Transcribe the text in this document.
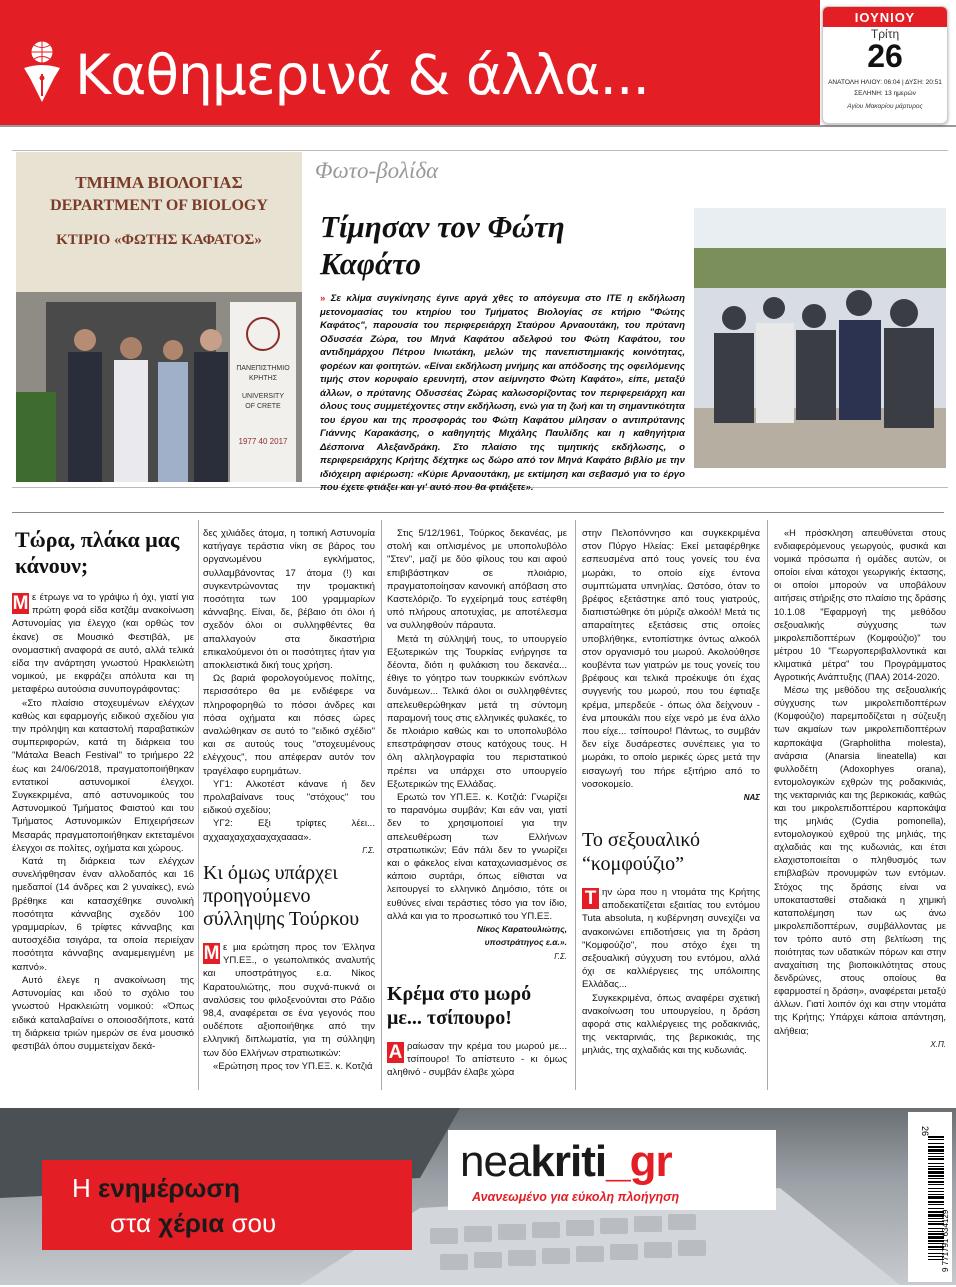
Καθημερινά & άλλα...
ΙΟΥΝΙΟΥ
Τρίτη
26
ΑΝΑΤΟΛΗ ΗΛΙΟΥ: 06:04 | ΔΥΣΗ: 20:51
ΣΕΛΗΝΗ: 13 ημερών
Αγίου Μακαρίου μάρτυρος
ΤΜΗΜΑ ΒΙΟΛΟΓΙΑΣ
DEPARTMENT OF BIOLOGY
ΚΤΙΡΙΟ «ΦΩΤΗΣ ΚΑΦΑΤΟΣ»
ΠΑΝΕΠΙΣΤΗΜΙΟ
ΚΡΗΤΗΣ
UNIVERSITY
OF CRETE
1977 40 2017
Φωτο-βολίδα
Τίμησαν τον Φώτη Καφάτο
» Σε κλίμα συγκίνησης έγινε αργά χθες το απόγευμα στο ΙΤΕ η εκδήλωση μετονομασίας του κτηρίου του Τμήματος Βιολογίας σε κτήριο "Φώτης Καφάτος", παρουσία του περιφερειάρχη Σταύρου Αρναουτάκη, του πρύτανη Οδυσσέα Ζώρα, του Μηνά Καφάτου αδελφού του Φώτη Καφάτου, του αντιδημάρχου Πέτρου Ινιωτάκη, μελών της πανεπιστημιακής κοινότητας, φορέων και φοιτητών. «Είναι εκδήλωση μνήμης και απόδοσης της οφειλόμενης τιμής στον κορυφαίο ερευνητή, στον αείμνηστο Φώτη Καφάτο», είπε, μεταξύ άλλων, ο πρύτανης Οδυσσέας Ζώρας καλωσορίζοντας τον περιφερειάρχη και όλους τους συμμετέχοντες στην εκδήλωση, ενώ για τη ζωή και τη σημαντικότητα του έργου και της προσφοράς του Φώτη Καφάτου μίλησαν ο αντιπρύτανης Γιάννης Καρακάσης, ο καθηγητής Μιχάλης Παυλίδης και η καθηγήτρια Δέσποινα Αλεξανδράκη. Στο πλαίσιο της τιμητικής εκδήλωσης, ο περιφερειάρχης Κρήτης δέχτηκε ως δώρο από τον Μηνά Καφάτο βιβλίο με την ιδιόχειρη αφιέρωση: «Κύριε Αρναουτάκη, με εκτίμηση και σεβασμό για το έργο που έχετε φτιάξει και γι' αυτό που θα φτιάξετε».
Τώρα, πλάκα μας κάνουν;
Μ ε έτρωγε να το γράψω ή όχι, γιατί για πρώτη φορά είδα κοτζάμ ανακοίνωση Αστυνομίας για έλεγχο (και ορθώς τον έκανε) σε Μουσικό Φεστιβάλ, με ονομαστική αναφορά σε αυτό, αλλά τελικά είδα την ανάρτηση γνωστού Ηρακλειώτη νομικού, με εκφράζει απόλυτα και τη μεταφέρω αυτούσια συνυπογράφοντας:

«Στο πλαίσιο στοχευμένων ελέγχων καθώς και εφαρμογής ειδικού σχεδίου για την πρόληψη και καταστολή παραβατικών συμπεριφορών, κατά τη διάρκεια του "Μάταλα Beach Festival" το τριήμερο 22 έως και 24/06/2018, πραγματοποιήθηκαν εντατικοί αστυνομικοί έλεγχοι. Συγκεκριμένα, από αστυνομικούς του Αστυνομικού Τμήματος Φαιστού και του Τμήματος Αστυνομικών Επιχειρήσεων Μεσαράς πραγματοποιήθηκαν εκτεταμένοι έλεγχοι σε πολίτες, οχήματα και χώρους.

Κατά τη διάρκεια των ελέγχων συνελήφθησαν έναν αλλοδαπός και 16 ημεδαποί (14 άνδρες και 2 γυναίκες), ενώ βρέθηκε και κατασχέθηκε συνολική ποσότητα κάνναβης σχεδόν 100 γραμμαρίων, 6 τρίφτες κάνναβης και αυτοσχέδια τσιγάρα, τα οποία περιείχαν ποσότητα κάνναβης αναμεμειγμένη με καπνό».

Αυτό έλεγε η ανακοίνωση της Αστυνομίας και ιδού το σχόλιο του γνωστού Ηρακλειώτη νομικού: «Όπως ειδικά καταλαβαίνει ο οποιοσδήποτε, κατά τη διάρκεια τριών ημερών σε ένα μουσικό φεστιβάλ όπου συμμετείχαν δεκά-

δες χιλιάδες άτομα, η τοπική Αστυνομία κατήγαγε τεράστια νίκη σε βάρος του οργανωμένου εγκλήματος, συλλαμβάνοντας 17 άτομα (!) και συγκεντρώνοντας την τρομακτική ποσότητα των 100 γραμμαρίων κάνναβης. Είναι, δε, βέβαιο ότι όλοι ή σχεδόν όλοι οι συλληφθέντες θα απαλλαγούν στα δικαστήρια επικαλούμενοι ότι οι ποσότητες ήταν για αποκλειστικά δική τους χρήση.

Ως βαριά φορολογούμενος πολίτης, περισσότερο θα με ενδιέφερε να πληροφορηθώ το πόσοι άνδρες και πόσα οχήματα και πόσες ώρες αναλώθηκαν σε αυτό το "ειδικό σχέδιο" και σε αυτούς τους "στοχευμένους ελέγχους", που απέφεραν αυτόν τον τραγέλαφο ευρημάτων.

ΥΓ1: Αλκοτέστ κάνανε ή δεν προλαβαίνανε τους "στόχους" του ειδικού σχεδίου;

ΥΓ2: Εξι τρίφτες λέει... αχχααχαχαχααχαχαααα».

Γ.Σ.
Κι όμως υπάρχει προηγούμενο σύλληψης Τούρκου
Μ ε μια ερώτηση προς τον Έλληνα ΥΠ.ΕΞ., ο γεωπολιτικός αναλυτής και υποστράτηγος ε.α. Νίκος Καρατουλιώτης, που συχνά-πυκνά οι αναλύσεις του φιλοξενούνται στο Ράδιο 98,4, αναφέρεται σε ένα γεγονός που ουδέποτε αξιοποιήθηκε από την ελληνική διπλωματία, για τη σύλληψη των δύο Ελλήνων στρατιωτικών:

«Ερώτηση προς τον ΥΠ.ΕΞ. κ. Κοτζιά

Στις 5/12/1961, Τούρκος δεκανέας, με στολή και οπλισμένος με υποπολυβόλο "Στεν", μαζί με δύο φίλους του και αφού επιβιβάστηκαν σε πλοιάριο, πραγματοποίησαν κανονική απόβαση στο Καστελόριζο. Το εγχείρημά τους εστέφθη υπό πλήρους αποτυχίας, με αποτέλεσμα να συλληφθούν πάραυτα.

Μετά τη σύλληψή τους, το υπουργείο Εξωτερικών της Τουρκίας ενήργησε τα δέοντα, διότι η φυλάκιση του δεκανέα... έθιγε το γόητρο των τουρκικών ενόπλων δυνάμεων... Τελικά όλοι οι συλληφθέντες απελευθερώθηκαν μετά τη σύντομη παραμονή τους στις ελληνικές φυλακές, το δε πλοιάριο καθώς και το υποπολυβόλο επεστράφησαν στους κατόχους τους. Η όλη αλληλογραφία του περιστατικού πρέπει να υπάρχει στο υπουργείο Εξωτερικών της Ελλάδας.

Ερωτώ τον ΥΠ.ΕΞ. κ. Κοτζιά: Γνωρίζει το παρανόμω συμβάν; Και εάν ναι, γιατί δεν το χρησιμοποιεί για την απελευθέρωση των Ελλήνων στρατιωτικών; Εάν πάλι δεν το γνωρίζει και ο φάκελος είναι καταχωνιασμένος σε κάποιο συρτάρι, όπως είθισται να λειτουργεί το ελληνικό Δημόσιο, τότε οι ευθύνες είναι τεράστιες τόσο για τον ίδιο, αλλά και για το προσωπικό του ΥΠ.ΕΞ.

Νίκος Καρατουλιώτης,
υποστράτηγος ε.α.».
Γ.Σ.
Κρέμα στο μωρό με... τσίπουρο!
Α ραίωσαν την κρέμα του μωρού με... τσίπουρο! Το απίστευτο - κι όμως αληθινό - συμβάν έλαβε χώρα

στην Πελοπόννησο και συγκεκριμένα στον Πύργο Ηλείας: Εκεί μεταφέρθηκε εσπευσμένα από τους γονείς του ένα μωράκι, το οποίο είχε έντονα συμπτώματα υπνηλίας. Ωστόσο, όταν το βρέφος εξετάστηκε από τους γιατρούς, διαπιστώθηκε ότι μύριζε αλκοόλ! Μετά τις απαραίτητες εξετάσεις στις οποίες υποβλήθηκε, εντοπίστηκε όντως αλκοόλ στον οργανισμό του μωρού. Ακολούθησε κουβέντα των γιατρών με τους γονείς του βρέφους και τελικά προέκυψε ότι έχας συγγενής του μωρού, που του έφτιαξε κρέμα, μπερδεύε - όπως όλα δείχνουν - ένα μπουκάλι που είχε νερό με ένα άλλο που είχε... τσίπουρο! Πάντως, το συμβάν δεν είχε δυσάρεστες συνέπειες για το μωράκι, το οποίο μερικές ώρες μετά την εισαγωγή του πήρε εξιτήριο από το νοσοκομείο.

ΝΑΣ
Το σεξουαλικό “κομφούζιο”
Τ ην ώρα που η ντομάτα της Κρήτης αποδεκατίζεται εξαιτίας του εντόμου Tuta absoluta, η κυβέρνηση συνεχίζει να ανακοινώνει επιδοτήσεις για τη δράση "Κομφούζιο", που στόχο έχει τη σεξουαλική σύγχυση του εντόμου, αλλά όχι σε καλλιέργειες της υπόλοιπης Ελλάδας...

Συγκεκριμένα, όπως αναφέρει σχετική ανακοίνωση του υπουργείου, η δράση αφορά στις καλλιέργειες της ροδακινιάς, της νεκταρινιάς, της βερικοκιάς, της μηλιάς, της αχλαδιάς και της κυδωνιάς.

«Η πρόσκληση απευθύνεται στους ενδιαφερόμενους γεωργούς, φυσικά και νομικά πρόσωπα ή ομάδες αυτών, οι οποίοι είναι κάτοχοι γεωργικής έκτασης, οι οποίοι μπορούν να υποβάλουν αιτήσεις στήριξης στο πλαίσιο της δράσης 10.1.08 "Εφαρμογή της μεθόδου σεξουαλικής σύγχυσης των μικρολεπιδοπτέρων (Κομφούζιο)" του μέτρου 10 "Γεωργοπεριβαλλοντικά και κλιματικά μέτρα" του Προγράμματος Αγροτικής Ανάπτυξης (ΠΑΑ) 2014-2020.

Μέσω της μεθόδου της σεξουαλικής σύγχυσης των μικρολεπιδοπτέρων (Κομφούζιο) παρεμποδίζεται η σύζευξη των ακμαίων των μικρολεπιδοπτέρων καρποκάψα (Grapholitha molesta), ανάρσια (Anarsia lineatella) και φυλλοδέτη (Adoxophyes orana), εντομολογικών εχθρών της ροδακινιάς, της νεκταρινιάς και της βερικοκιάς, καθώς και του μικρολεπιδοπτέρου καρποκάψα της μηλιάς (Cydia pomonella), εντομολογικού εχθρού της μηλιάς, της αχλαδιάς και της κυδωνιάς, και έτσι ελαχιστοποιείται ο πληθυσμός των επιβλαβών προνυμφών των εντόμων. Στόχος της δράσης είναι να υποκατασταθεί σταδιακά η χημική καταπολέμηση των ως άνω μικρολεπιδοπτέρων, συμβάλλοντας με τον τρόπο αυτό στη βελτίωση της ποιότητας των υδατικών πόρων και στην αναχαίτιση της βιοποικιλότητας στους δενδρώνες, στους οποίους θα εφαρμοστεί η δράση», αναφέρεται μεταξύ άλλων. Γιατί λοιπόν όχι και στην ντομάτα της Κρήτης; Υπάρχει κάποια απάντηση, αλήθεια;

Χ.Π.
Η ενημέρωση
στα χέρια σου
neakriti_gr
Ανανεωμένο για εύκολη πλοήγηση
9 771791 634129
26
